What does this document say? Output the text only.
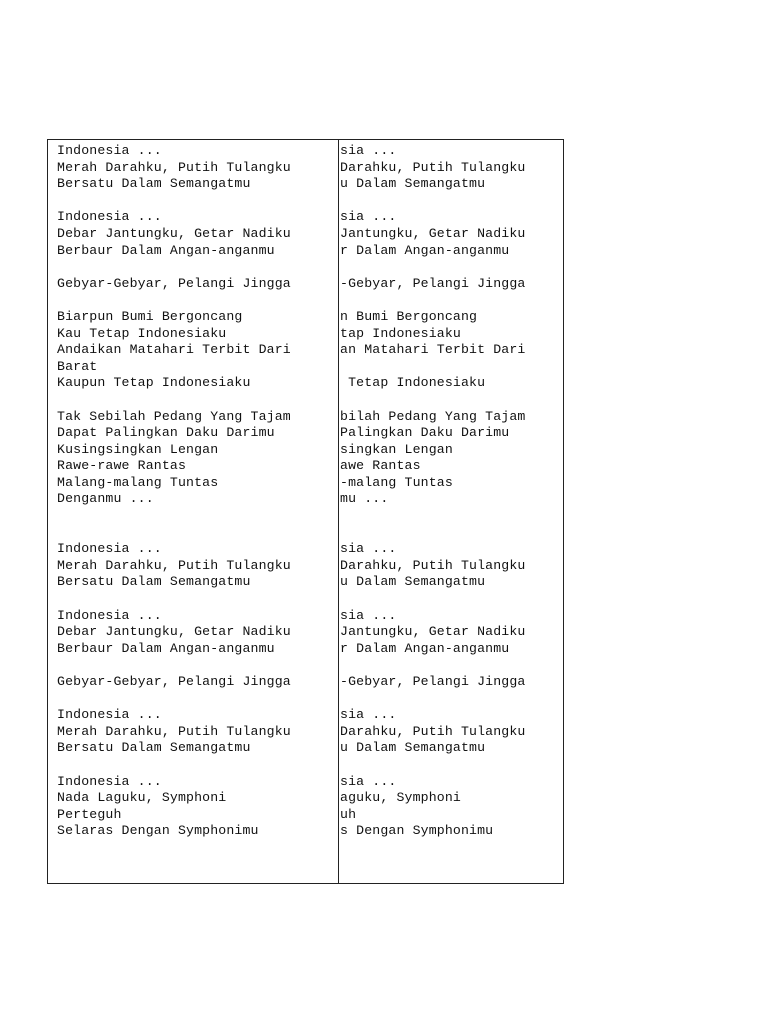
Indonesia ...
Merah Darahku, Putih Tulangku
Bersatu Dalam Semangatmu

Indonesia ...
Debar Jantungku, Getar Nadiku
Berbaur Dalam Angan-anganmu

Gebyar-Gebyar, Pelangi Jingga

Biarpun Bumi Bergoncang
Kau Tetap Indonesiaku
Andaikan Matahari Terbit Dari
Barat
Kaupun Tetap Indonesiaku

Tak Sebilah Pedang Yang Tajam
Dapat Palingkan Daku Darimu
Kusingsingkan Lengan
Rawe-rawe Rantas
Malang-malang Tuntas
Denganmu ...

Indonesia ...
Merah Darahku, Putih Tulangku
Bersatu Dalam Semangatmu

Indonesia ...
Debar Jantungku, Getar Nadiku
Berbaur Dalam Angan-anganmu

Gebyar-Gebyar, Pelangi Jingga

Indonesia ...
Merah Darahku, Putih Tulangku
Bersatu Dalam Semangatmu

Indonesia ...
Nada Laguku, Symphoni
Perteguh
Selaras Dengan Symphonimu
sia ...
Darahku, Putih Tulangku
u Dalam Semangatmu

sia ...
Jantungku, Getar Nadiku
r Dalam Angan-anganmu

-Gebyar, Pelangi Jingga

n Bumi Bergoncang
tap Indonesiaku
an Matahari Terbit Dari

Tetap Indonesiaku

bilah Pedang Yang Tajam
Palingkan Daku Darimu
singkan Lengan
awe Rantas
-malang Tuntas
mu ...

sia ...
Darahku, Putih Tulangku
u Dalam Semangatmu

sia ...
Jantungku, Getar Nadiku
r Dalam Angan-anganmu

-Gebyar, Pelangi Jingga

sia ...
Darahku, Putih Tulangku
u Dalam Semangatmu

sia ...
aguku, Symphoni
uh
s Dengan Symphonimu
